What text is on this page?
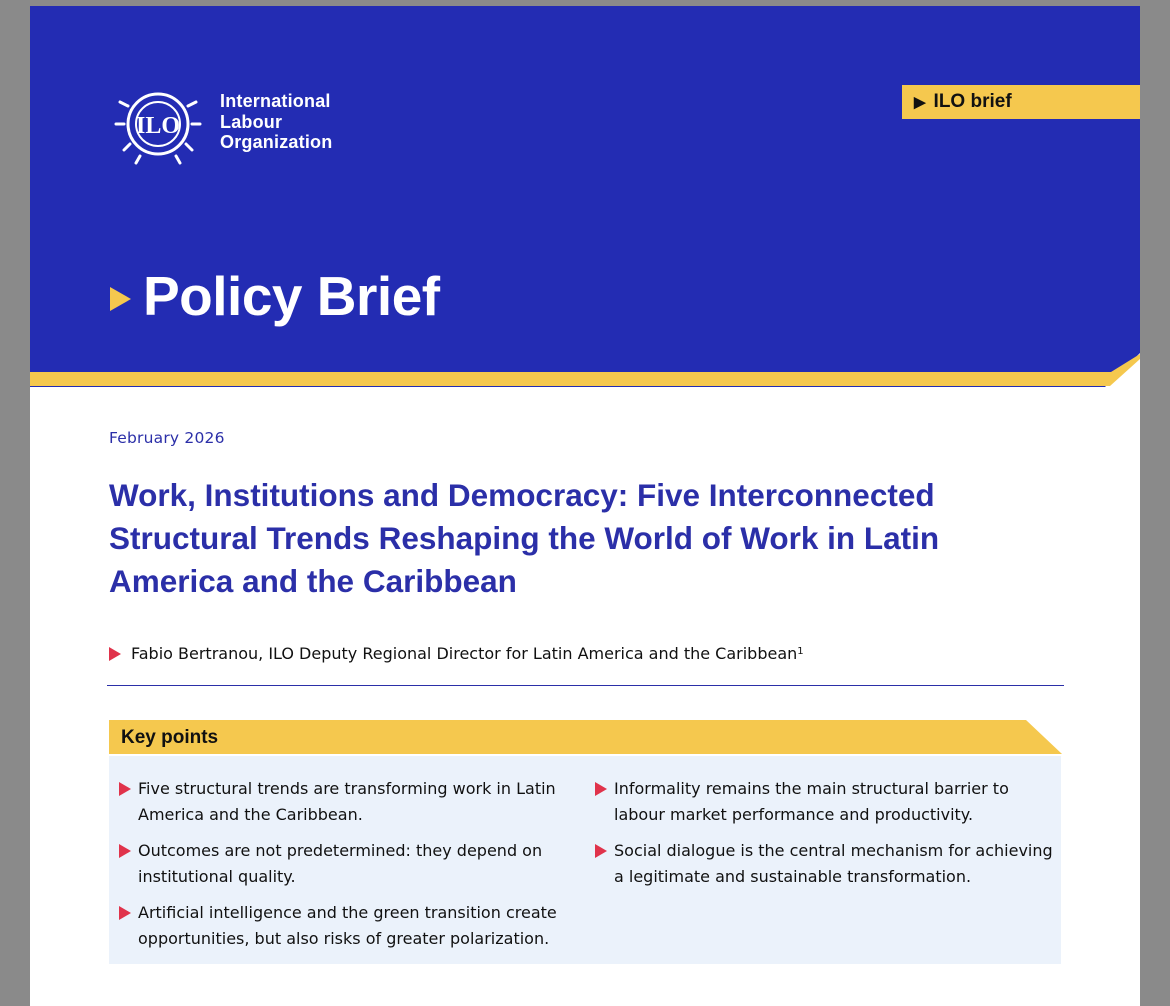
ILO
International
Labour
Organization
▶ ILO brief
Policy Brief
February 2026
Work, Institutions and Democracy: Five Interconnected Structural Trends Reshaping the World of Work in Latin America and the Caribbean
Fabio Bertranou, ILO Deputy Regional Director for Latin America and the Caribbean$^1$
Key points
Five structural trends are transforming work in Latin America and the Caribbean.
Outcomes are not predetermined: they depend on institutional quality.
Artificial intelligence and the green transition create opportunities, but also risks of greater polarization.
Informality remains the main structural barrier to labour market performance and productivity.
Social dialogue is the central mechanism for achieving a legitimate and sustainable transformation.
